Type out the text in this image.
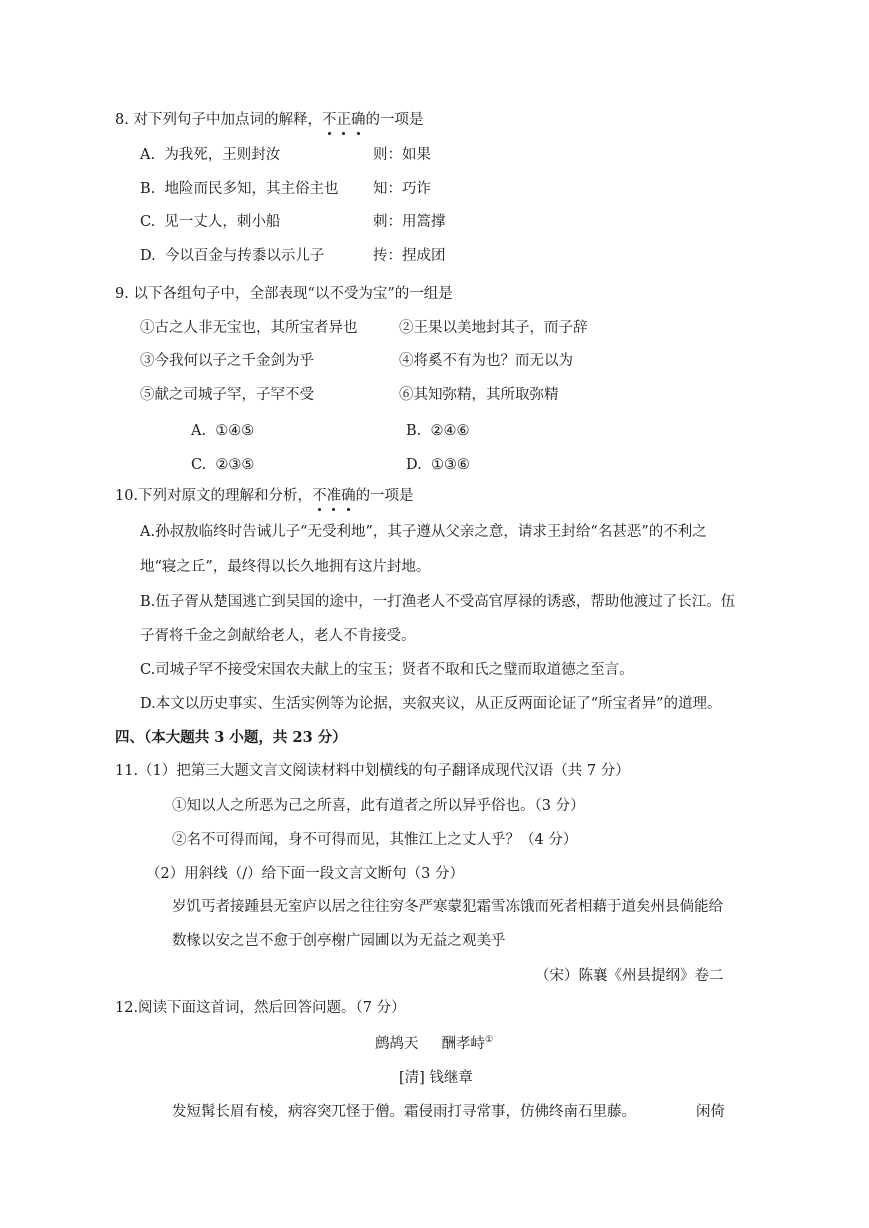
8. 对下列句子中加点词的解释，不正确的一项是
A. 为我死，王则封汝	则：如果
B. 地险而民多知，其主俗主也 知：巧诈
C. 见一丈人，刺小船	刺：用篙撑
D. 今以百金与抟黍以示儿子	抟：捏成团
9. 以下各组句子中，全部表现“以不受为宝”的一组是
①古之人非无宝也，其所宝者异也	②王果以美地封其子，而子辞
③今我何以子之千金剑为乎	④将奚不有为也？而无以为
⑤献之司城子罕，子罕不受	⑥其知弥精，其所取弥精
A. ①④⑤	B. ②④⑥
C. ②③⑤	D. ①③⑥
10.下列对原文的理解和分析，不准确的一项是
A.孙叔敖临终时告诫儿子“无受利地”，其子遵从父亲之意，请求王封给“名甚恶”的不利之
地“寝之丘”，最终得以长久地拥有这片封地。
B.伍子胥从楚国逃亡到吴国的途中，一打渔老人不受高官厚禄的诱惑，帮助他渡过了长江。伍
子胥将千金之剑献给老人，老人不肯接受。
C.司城子罕不接受宋国农夫献上的宝玉；贤者不取和氏之璧而取道德之至言。
D.本文以历史事实、生活实例等为论据，夹叙夹议，从正反两面论证了“所宝者异”的道理。
四、（本大题共 3 小题，共 23 分）
11.（1）把第三大题文言文阅读材料中划横线的句子翻译成现代汉语（共 7 分）
①知以人之所恶为己之所喜，此有道者之所以异乎俗也。（3 分）
②名不可得而闻，身不可得而见，其惟江上之丈人乎？（4 分）
（2）用斜线（/）给下面一段文言文断句（3 分）
岁饥丐者接踵县无室庐以居之往往穷冬严寒蒙犯霜雪冻饿而死者相藉于道矣州县倘能给
数椽以安之岂不愈于创亭榭广园圃以为无益之观美乎
（宋）陈襄《州县提纲》卷二
12.阅读下面这首词，然后回答问题。（7 分）
鹧鸪天 酬孝峙①
[清] 钱继章
发短髯长眉有棱，病容突兀怪于僧。霜侵雨打寻常事，仿佛终南石里藤。	闲倚
